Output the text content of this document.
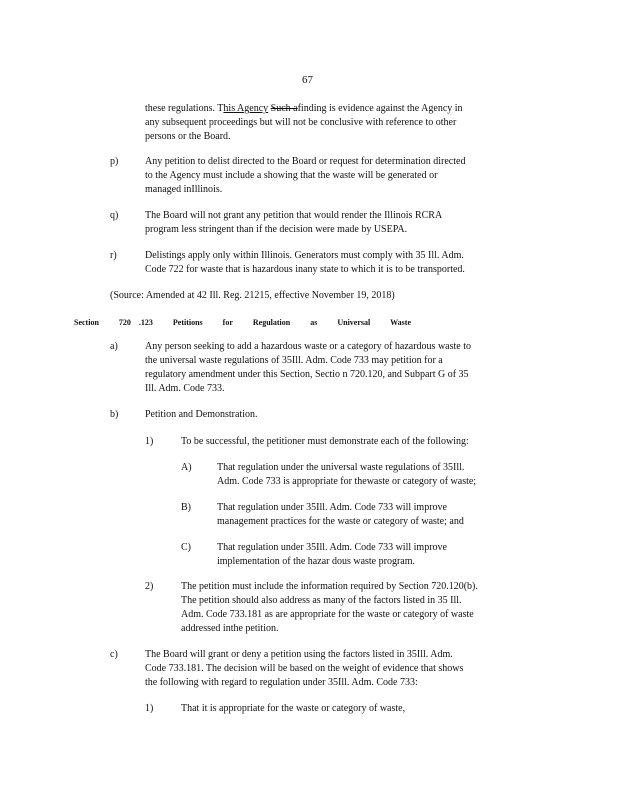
67
these regulations. This Agency Such afinding is evidence against the Agency in
any subsequent proceedings but will not be conclusive with reference to other
persons or the Board.
p)	Any petition to delist directed to the Board or request for determination directed
to the Agency must include a showing that the waste will be generated or
managed inIllinois.
q)	The Board will not grant any petition that would render the Illinois RCRA
program less stringent than if the decision were made by USEPA.
r)	Delistings apply only within Illinois. Generators must comply with 35 Ill. Adm.
Code 722 for waste that is hazardous inany state to which it is to be transported.
(Source: Amended at 42 Ill. Reg. 21215, effective November 19, 2018)
Section	720 .123	Petitions	for	Regulation	as	Universal Waste
a)	Any person seeking to add a hazardous waste or a category of hazardous waste to
the universal waste regulations of 35Ill. Adm. Code 733 may petition for a
regulatory amendment under this Section, Sectio n 720.120, and Subpart G of 35
Ill. Adm. Code 733.
b)	Petition and Demonstration.
1)	To be successful, the petitioner must demonstrate each of the following:
A)	That regulation under the universal waste regulations of 35Ill.
Adm. Code 733 is appropriate for thewaste or category of waste;
B)	That regulation under 35Ill. Adm. Code 733 will improve
management practices for the waste or category of waste; and
C)	That regulation under 35Ill. Adm. Code 733 will improve
implementation of the hazar dous waste program.
2)	The petition must include the information required by Section 720.120(b).
The petition should also address as many of the factors listed in 35 Ill.
Adm. Code 733.181 as are appropriate for the waste or category of waste
addressed inthe petition.
c)	The Board will grant or deny a petition using the factors listed in 35Ill. Adm.
Code 733.181. The decision will be based on the weight of evidence that shows
the following with regard to regulation under 35Ill. Adm. Code 733:
1)	That it is appropriate for the waste or category of waste,
